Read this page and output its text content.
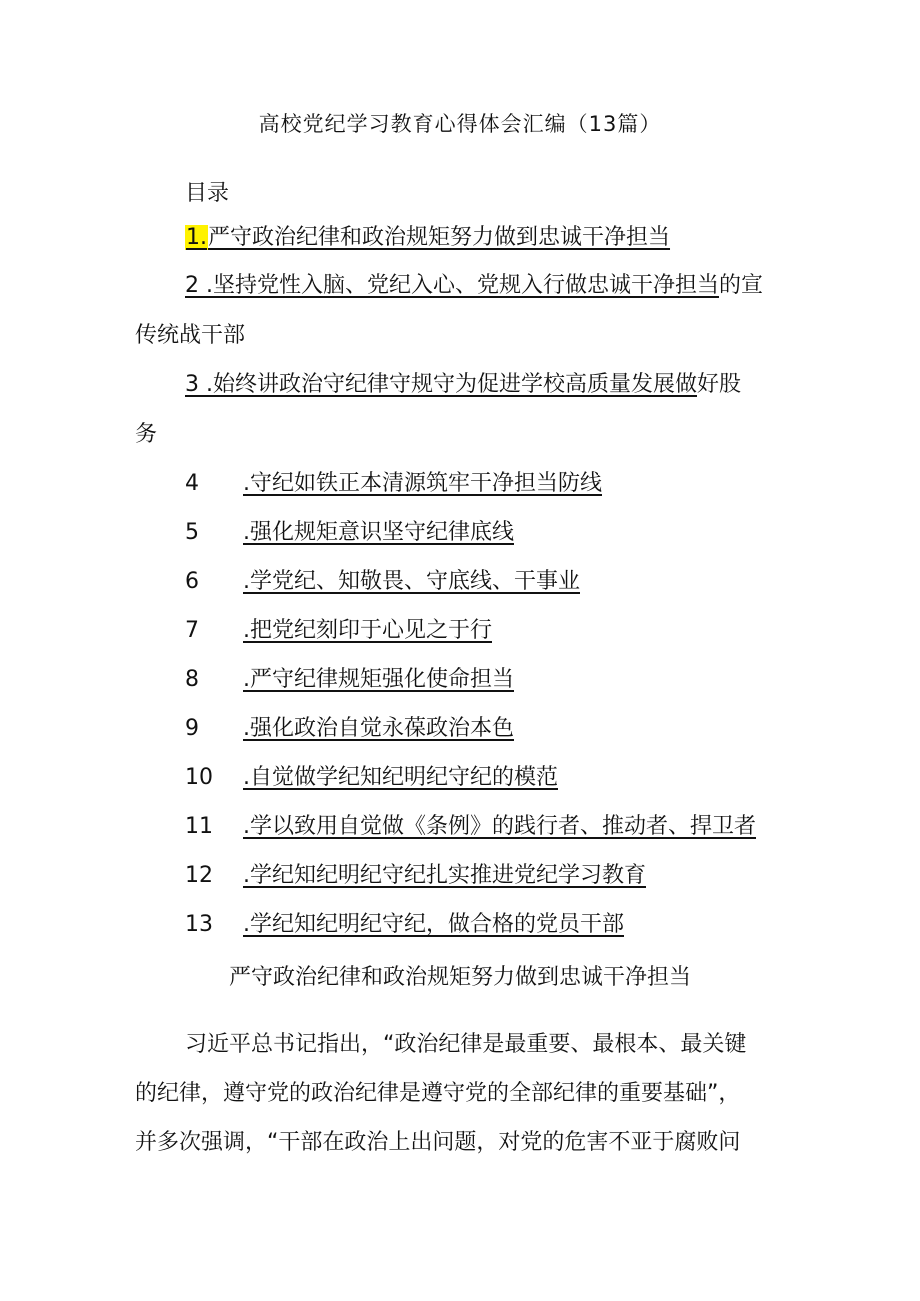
高校党纪学习教育心得体会汇编（13篇）
目录
1.严守政治纪律和政治规矩努力做到忠诚干净担当
2 .坚持党性入脑、党纪入心、党规入行做忠诚干净担当的宣
传统战干部
3 .始终讲政治守纪律守规守为促进学校高质量发展做好股
务
4 .守纪如铁正本清源筑牢干净担当防线
5 .强化规矩意识坚守纪律底线
6 .学党纪、知敬畏、守底线、干事业
7 .把党纪刻印于心见之于行
8 .严守纪律规矩强化使命担当
9 .强化政治自觉永葆政治本色
10 .自觉做学纪知纪明纪守纪的模范
11 .学以致用自觉做《条例》的践行者、推动者、捍卫者
12 .学纪知纪明纪守纪扎实推进党纪学习教育
13 .学纪知纪明纪守纪，做合格的党员干部
严守政治纪律和政治规矩努力做到忠诚干净担当
习近平总书记指出，“政治纪律是最重要、最根本、最关键
的纪律，遵守党的政治纪律是遵守党的全部纪律的重要基础”，
并多次强调，“干部在政治上出问题，对党的危害不亚于腐败问
